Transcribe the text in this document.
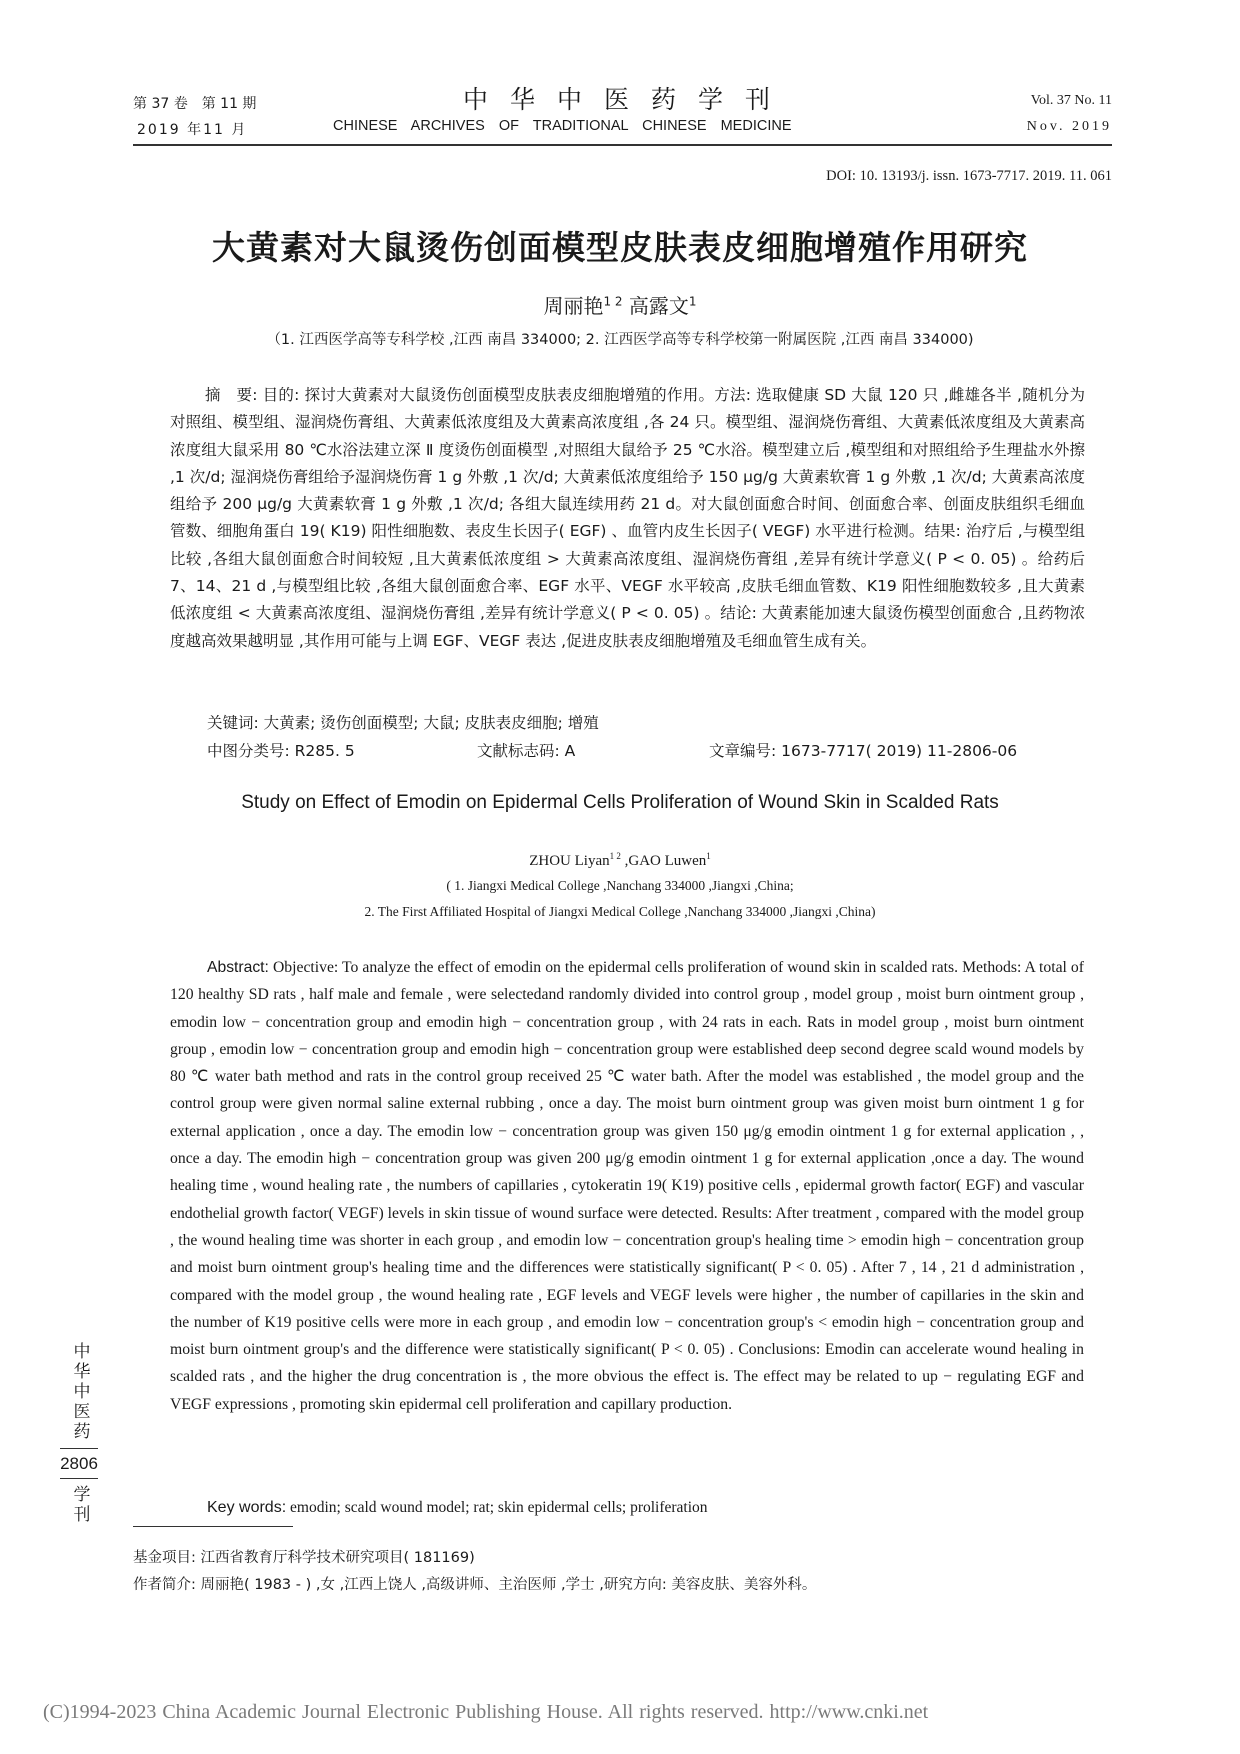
第 37 卷　第 11 期
2019 年11 月
中华中医药学刊
CHINESE ARCHIVES OF TRADITIONAL CHINESE MEDICINE
Vol. 37 No. 11
Nov. 2019
DOI: 10. 13193/j. issn. 1673-7717. 2019. 11. 061
大黄素对大鼠烫伤创面模型皮肤表皮细胞增殖作用研究
周丽艳$^{1 2}$ 高露文$^1$
（1. 江西医学高等专科学校 ,江西 南昌 334000; 2. 江西医学高等专科学校第一附属医院 ,江西 南昌 334000)
摘　要: 目的: 探讨大黄素对大鼠烫伤创面模型皮肤表皮细胞增殖的作用。方法: 选取健康 SD 大鼠 120 只 ,雌雄各半 ,随机分为对照组、模型组、湿润烧伤膏组、大黄素低浓度组及大黄素高浓度组 ,各 24 只。模型组、湿润烧伤膏组、大黄素低浓度组及大黄素高浓度组大鼠采用 80 ℃水浴法建立深 Ⅱ 度烫伤创面模型 ,对照组大鼠给予 25 ℃水浴。模型建立后 ,模型组和对照组给予生理盐水外擦 ,1 次/d; 湿润烧伤膏组给予湿润烧伤膏 1 g 外敷 ,1 次/d; 大黄素低浓度组给予 150 μg/g 大黄素软膏 1 g 外敷 ,1 次/d; 大黄素高浓度组给予 200 μg/g 大黄素软膏 1 g 外敷 ,1 次/d; 各组大鼠连续用药 21 d。对大鼠创面愈合时间、创面愈合率、创面皮肤组织毛细血管数、细胞角蛋白 19( K19) 阳性细胞数、表皮生长因子( EGF) 、血管内皮生长因子( VEGF) 水平进行检测。结果: 治疗后 ,与模型组比较 ,各组大鼠创面愈合时间较短 ,且大黄素低浓度组 > 大黄素高浓度组、湿润烧伤膏组 ,差异有统计学意义( P < 0. 05) 。给药后 7、14、21 d ,与模型组比较 ,各组大鼠创面愈合率、EGF 水平、VEGF 水平较高 ,皮肤毛细血管数、K19 阳性细胞数较多 ,且大黄素低浓度组 < 大黄素高浓度组、湿润烧伤膏组 ,差异有统计学意义( P < 0. 05) 。结论: 大黄素能加速大鼠烫伤模型创面愈合 ,且药物浓度越高效果越明显 ,其作用可能与上调 EGF、VEGF 表达 ,促进皮肤表皮细胞增殖及毛细血管生成有关。
关键词: 大黄素; 烫伤创面模型; 大鼠; 皮肤表皮细胞; 增殖
中图分类号: R285. 5	文献标志码: A	文章编号: 1673-7717( 2019) 11-2806-06
Study on Effect of Emodin on Epidermal Cells Proliferation of Wound Skin in Scalded Rats
ZHOU Liyan$^{1 2}$ ,GAO Luwen$^1$
( 1. Jiangxi Medical College ,Nanchang 334000 ,Jiangxi ,China;
2. The First Affiliated Hospital of Jiangxi Medical College ,Nanchang 334000 ,Jiangxi ,China)
Abstract: Objective: To analyze the effect of emodin on the epidermal cells proliferation of wound skin in scalded rats. Methods: A total of 120 healthy SD rats , half male and female , were selectedand randomly divided into control group , model group , moist burn ointment group , emodin low − concentration group and emodin high − concentration group , with 24 rats in each. Rats in model group , moist burn ointment group , emodin low − concentration group and emodin high − concentration group were established deep second degree scald wound models by 80 ℃ water bath method and rats in the control group received 25 ℃ water bath. After the model was established , the model group and the control group were given normal saline external rubbing , once a day. The moist burn ointment group was given moist burn ointment 1 g for external application , once a day. The emodin low − concentration group was given 150 μg/g emodin ointment 1 g for external application , , once a day. The emodin high − concentration group was given 200 μg/g emodin ointment 1 g for external application ,once a day. The wound healing time , wound healing rate , the numbers of capillaries , cytokeratin 19( K19) positive cells , epidermal growth factor( EGF) and vascular endothelial growth factor( VEGF) levels in skin tissue of wound surface were detected. Results: After treatment , compared with the model group , the wound healing time was shorter in each group , and emodin low − concentration group's healing time > emodin high − concentration group and moist burn ointment group's healing time and the differences were statistically significant( P < 0. 05) . After 7 , 14 , 21 d administration , compared with the model group , the wound healing rate , EGF levels and VEGF levels were higher , the number of capillaries in the skin and the number of K19 positive cells were more in each group , and emodin low − concentration group's < emodin high − concentration group and moist burn ointment group's and the difference were statistically significant( P < 0. 05) . Conclusions: Emodin can accelerate wound healing in scalded rats , and the higher the drug concentration is , the more obvious the effect is. The effect may be related to up − regulating EGF and VEGF expressions , promoting skin epidermal cell proliferation and capillary production.
Key words: emodin; scald wound model; rat; skin epidermal cells; proliferation
中
华
中
医
药
2806
学
刊
基金项目: 江西省教育厅科学技术研究项目( 181169)
作者简介: 周丽艳( 1983 - ) ,女 ,江西上饶人 ,高级讲师、主治医师 ,学士 ,研究方向: 美容皮肤、美容外科。
(C)1994-2023 China Academic Journal Electronic Publishing House. All rights reserved. http://www.cnki.net
